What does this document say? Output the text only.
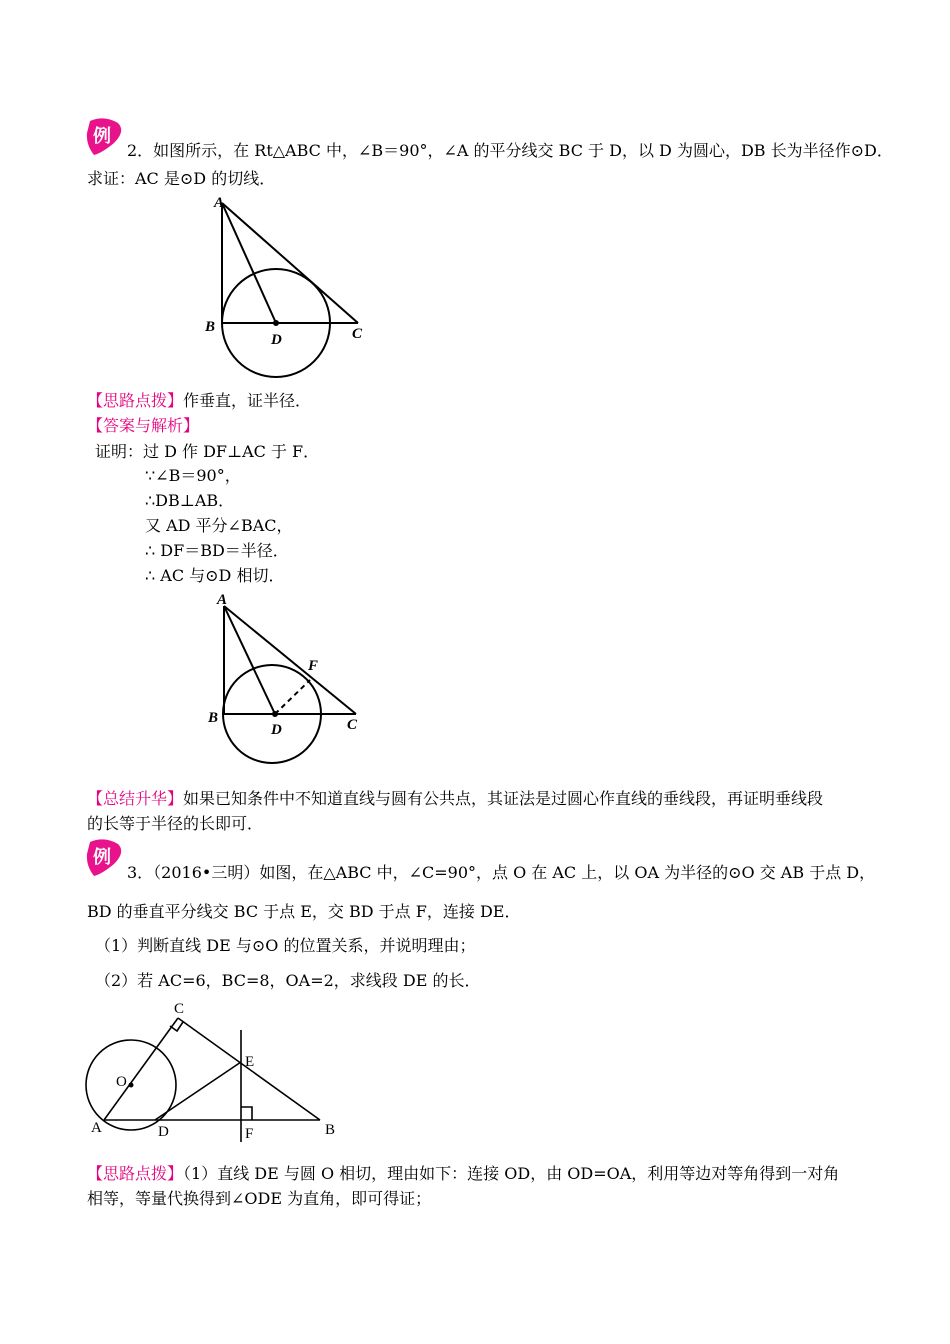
例
2．如图所示，在 Rt△ABC 中，∠B＝90°，∠A 的平分线交 BC 于 D，以 D 为圆心，DB 长为半径作⊙D．
求证：AC 是⊙D 的切线．
A
B
D	C
【思路点拨】作垂直，证半径．
【答案与解析】
证明：过 D 作 DF⊥AC 于 F．
∵∠B＝90°，
∴DB⊥AB．
又 AD 平分∠BAC，
∴ DF＝BD＝半径．
∴ AC 与⊙D 相切．
A
F
B
D	C
【总结升华】如果已知条件中不知道直线与圆有公共点，其证法是过圆心作直线的垂线段，再证明垂线段
的长等于半径的长即可．
例
3．（2016•三明）如图，在△ABC 中，∠C=90°，点 O 在 AC 上，以 OA 为半径的⊙O 交 AB 于点 D，
BD 的垂直平分线交 BC 于点 E，交 BD 于点 F，连接 DE．
（1）判断直线 DE 与⊙O 的位置关系，并说明理由；
（2）若 AC=6，BC=8，OA=2，求线段 DE 的长．
C
O
E
A	D	F	B
【思路点拨】（1）直线 DE 与圆 O 相切，理由如下：连接 OD，由 OD=OA，利用等边对等角得到一对角
相等，等量代换得到∠ODE 为直角，即可得证；
